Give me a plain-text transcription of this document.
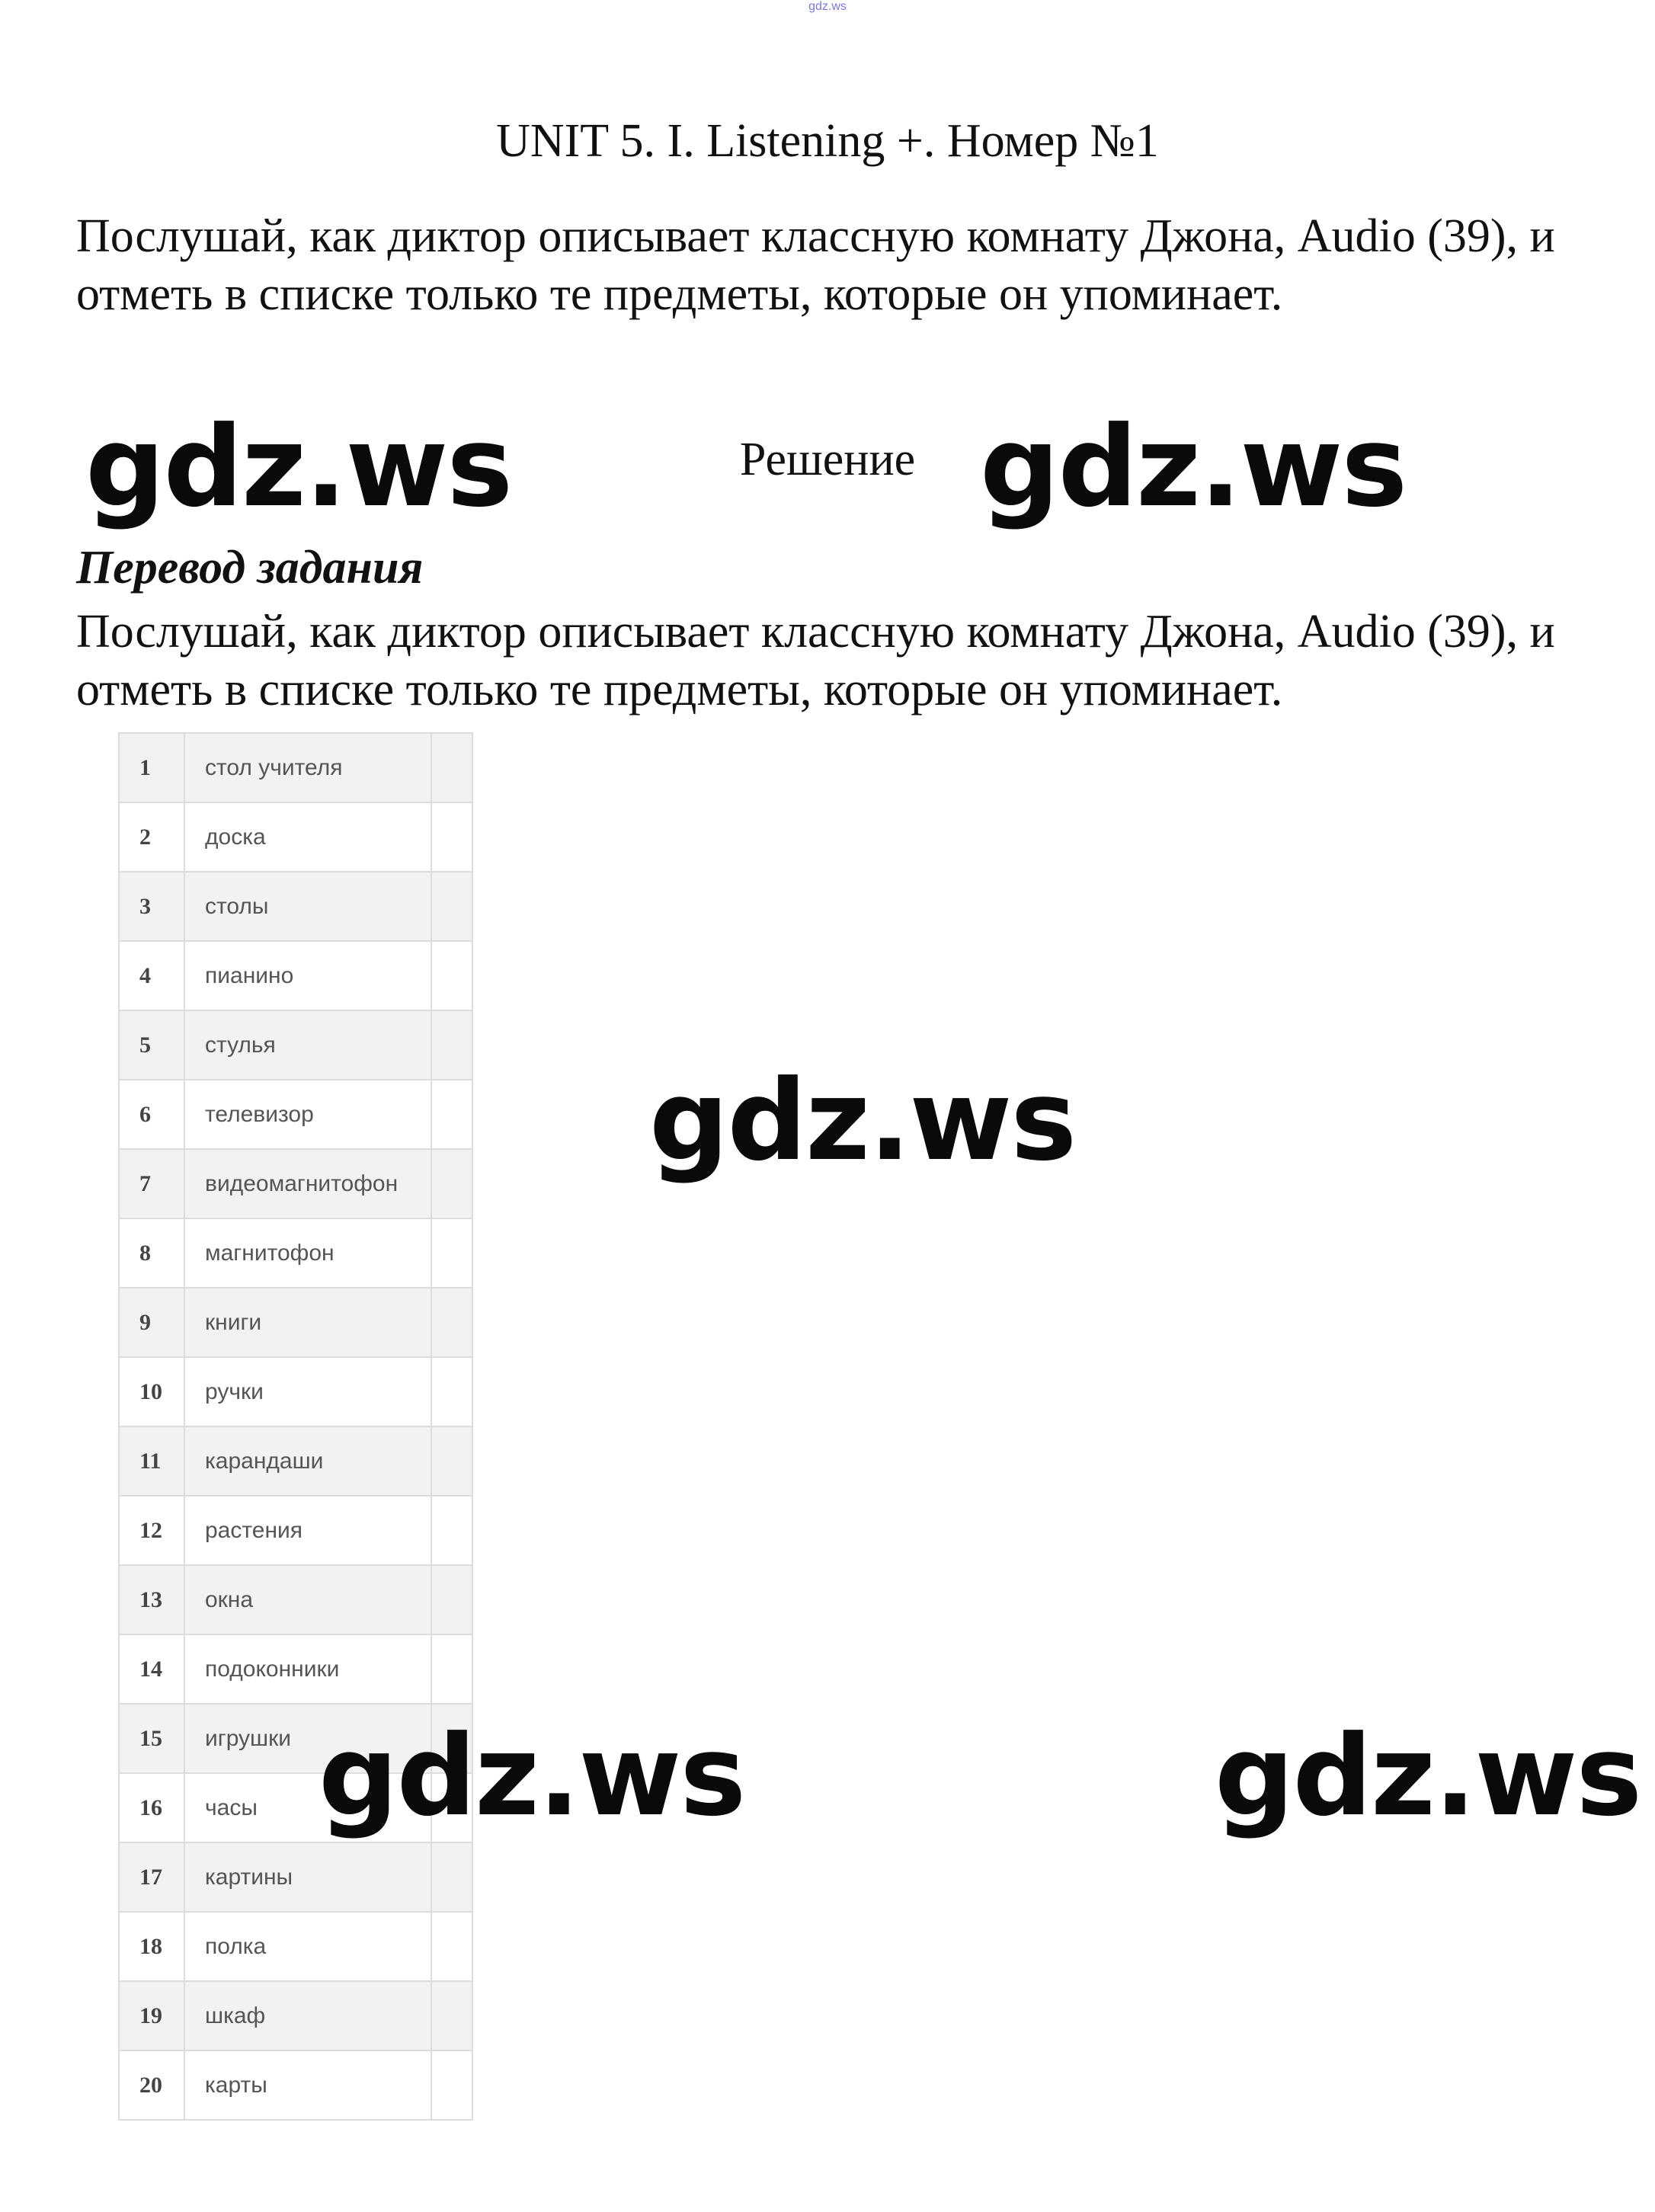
gdz.ws
UNIT 5. I. Listening +. Номер №1
Послушай, как диктор описывает классную комнату Джона, Audio (39), и отметь в списке только те предметы, которые он упоминает.
gdz.ws	Решение gdz.ws
Перевод задания
Послушай, как диктор описывает классную комнату Джона, Audio (39), и отметь в списке только те предметы, которые он упоминает.
1	стол учителя	
2	доска	
3	столы	
4	пианино	
5	стулья	
6	телевизор	
7	видеомагнитофон	
8	магнитофон	
9	книги	
10	ручки	
11	карандаши	
12	растения	
13	окна	
14	подоконники	
15	игрушки	
16	часы	
17	картины	
18	полка	
19	шкаф	
20	карты	
gdz.ws
gdz.ws	gdz.ws
